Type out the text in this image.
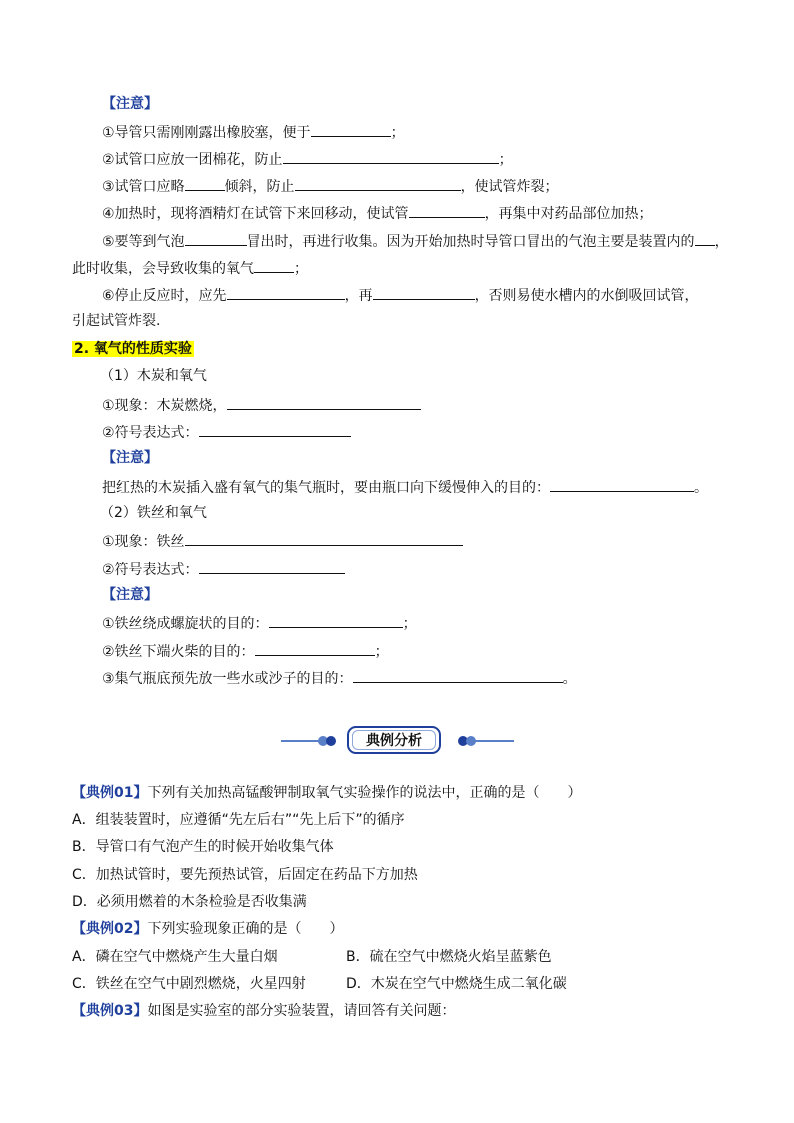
【注意】
①导管只需刚刚露出橡胶塞，便于	；
②试管口应放一团棉花，防止	；
③试管口应略	倾斜，防止	，使试管炸裂；
④加热时，现将酒精灯在试管下来回移动，使试管	，再集中对药品部位加热；
⑤要等到气泡	冒出时，再进行收集。因为开始加热时导管口冒出的气泡主要是装置内的 ，
此时收集，会导致收集的氧气	；
⑥停止反应时，应先	，再	，否则易使水槽内的水倒吸回试管，
引起试管炸裂.
2. 氧气的性质实验
（1）木炭和氧气
①现象：木炭燃烧，
②符号表达式：
【注意】
把红热的木炭插入盛有氧气的集气瓶时，要由瓶口向下缓慢伸入的目的：	。
（2）铁丝和氧气
①现象：铁丝
②符号表达式：
【注意】
①铁丝绕成螺旋状的目的：	；
②铁丝下端火柴的目的：	；
③集气瓶底预先放一些水或沙子的目的：	。
典例分析
【典例01】下列有关加热高锰酸钾制取氧气实验操作的说法中，正确的是（　　）
A．组装装置时，应遵循“先左后右”“先上后下”的循序
B．导管口有气泡产生的时候开始收集气体
C．加热试管时，要先预热试管，后固定在药品下方加热
D．必须用燃着的木条检验是否收集满
【典例02】下列实验现象正确的是（　　）
A．磷在空气中燃烧产生大量白烟	B．硫在空气中燃烧火焰呈蓝紫色
C．铁丝在空气中剧烈燃烧，火星四射	D．木炭在空气中燃烧生成二氧化碳
【典例03】如图是实验室的部分实验装置，请回答有关问题：
